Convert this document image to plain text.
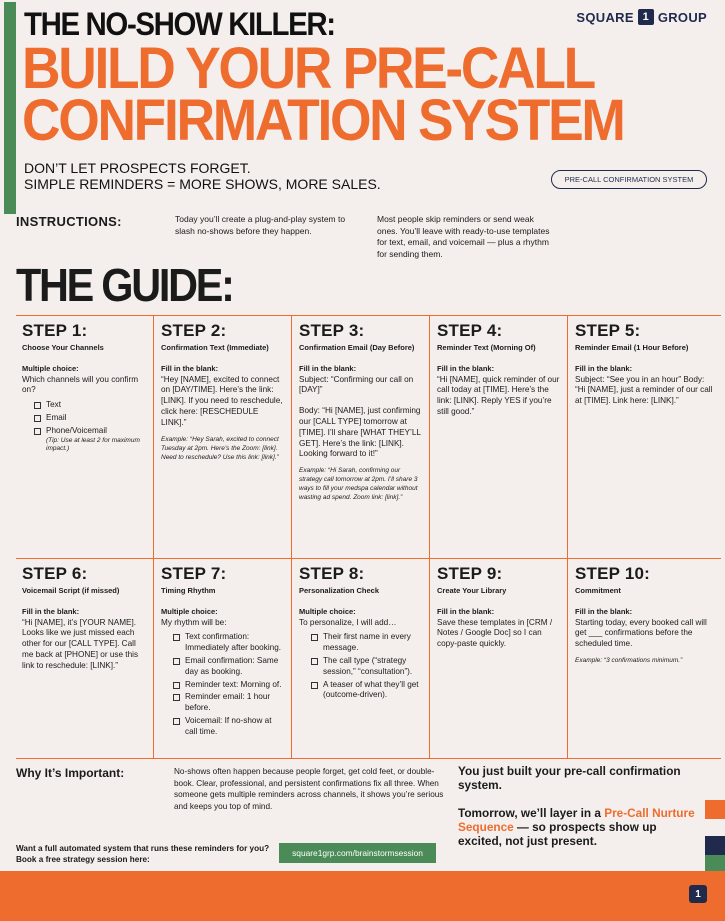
SQUARE 1 GROUP
THE NO-SHOW KILLER:
BUILD YOUR PRE-CALL
CONFIRMATION SYSTEM
DON’T LET PROSPECTS FORGET.
SIMPLE REMINDERS = MORE SHOWS, MORE SALES.	PRE-CALL CONFIRMATION SYSTEM
INSTRUCTIONS:	Today you’ll create a plug-and-play system to slash no-shows before they happen.
Most people skip reminders or send weak ones. You’ll leave with ready-to-use templates for text, email, and voicemail — plus a rhythm for sending them.
THE GUIDE:
STEP 1:
Choose Your Channels
Multiple choice:
Which channels will you confirm on?
Text
Email
Phone/Voicemail
(Tip: Use at least 2 for maximum impact.)
STEP 2:
Confirmation Text (Immediate)
Fill in the blank:
“Hey [NAME], excited to connect on [DAY/TIME]. Here’s the link: [LINK]. If you need to reschedule, click here: [RESCHEDULE LINK].”
Example: “Hey Sarah, excited to connect Tuesday at 2pm. Here’s the Zoom: [link]. Need to reschedule? Use this link: [link].”
STEP 3:
Confirmation Email (Day Before)
Fill in the blank:
Subject: “Confirming our call on [DAY]”
Body: “Hi [NAME], just confirming our [CALL TYPE] tomorrow at [TIME]. I’ll share [WHAT THEY’LL GET]. Here’s the link: [LINK]. Looking forward to it!”
Example: “Hi Sarah, confirming our strategy call tomorrow at 2pm. I’ll share 3 ways to fill your medspa calendar without wasting ad spend. Zoom link: [link].”
STEP 4:
Reminder Text (Morning Of)
Fill in the blank:
“Hi [NAME], quick reminder of our call today at [TIME]. Here’s the link: [LINK]. Reply YES if you’re still good.”
STEP 5:
Reminder Email (1 Hour Before)
Fill in the blank:
Subject: “See you in an hour” Body: “Hi [NAME], just a reminder of our call at [TIME]. Link here: [LINK].”
STEP 6:
Voicemail Script (if missed)
Fill in the blank:
“Hi [NAME], it’s [YOUR NAME]. Looks like we just missed each other for our [CALL TYPE]. Call me back at [PHONE] or use this link to reschedule: [LINK].”
STEP 7:
Timing Rhythm
Multiple choice:
My rhythm will be:
Text confirmation: Immediately after booking.
Email confirmation: Same day as booking.
Reminder text: Morning of.
Reminder email: 1 hour before.
Voicemail: If no-show at call time.
STEP 8:
Personalization Check
Multiple choice:
To personalize, I will add…
Their first name in every message.
The call type (“strategy session,” “consultation”).
A teaser of what they’ll get (outcome-driven).
STEP 9:
Create Your Library
Fill in the blank:
Save these templates in [CRM / Notes / Google Doc] so I can copy-paste quickly.
STEP 10:
Commitment
Fill in the blank:
Starting today, every booked call will get ___ confirmations before the scheduled time.
Example: “3 confirmations minimum.”
Why It’s Important:	No-shows often happen because people forget, get cold feet, or double-book. Clear, professional, and persistent confirmations fix all three. When someone gets multiple reminders across channels, it shows you’re serious and keeps you top of mind.
You just built your pre-call confirmation system.
Tomorrow, we’ll layer in a Pre-Call Nurture Sequence — so prospects show up excited, not just present.
Want a full automated system that runs these reminders for you? Book a free strategy session here:
square1grp.com/brainstormsession
1
